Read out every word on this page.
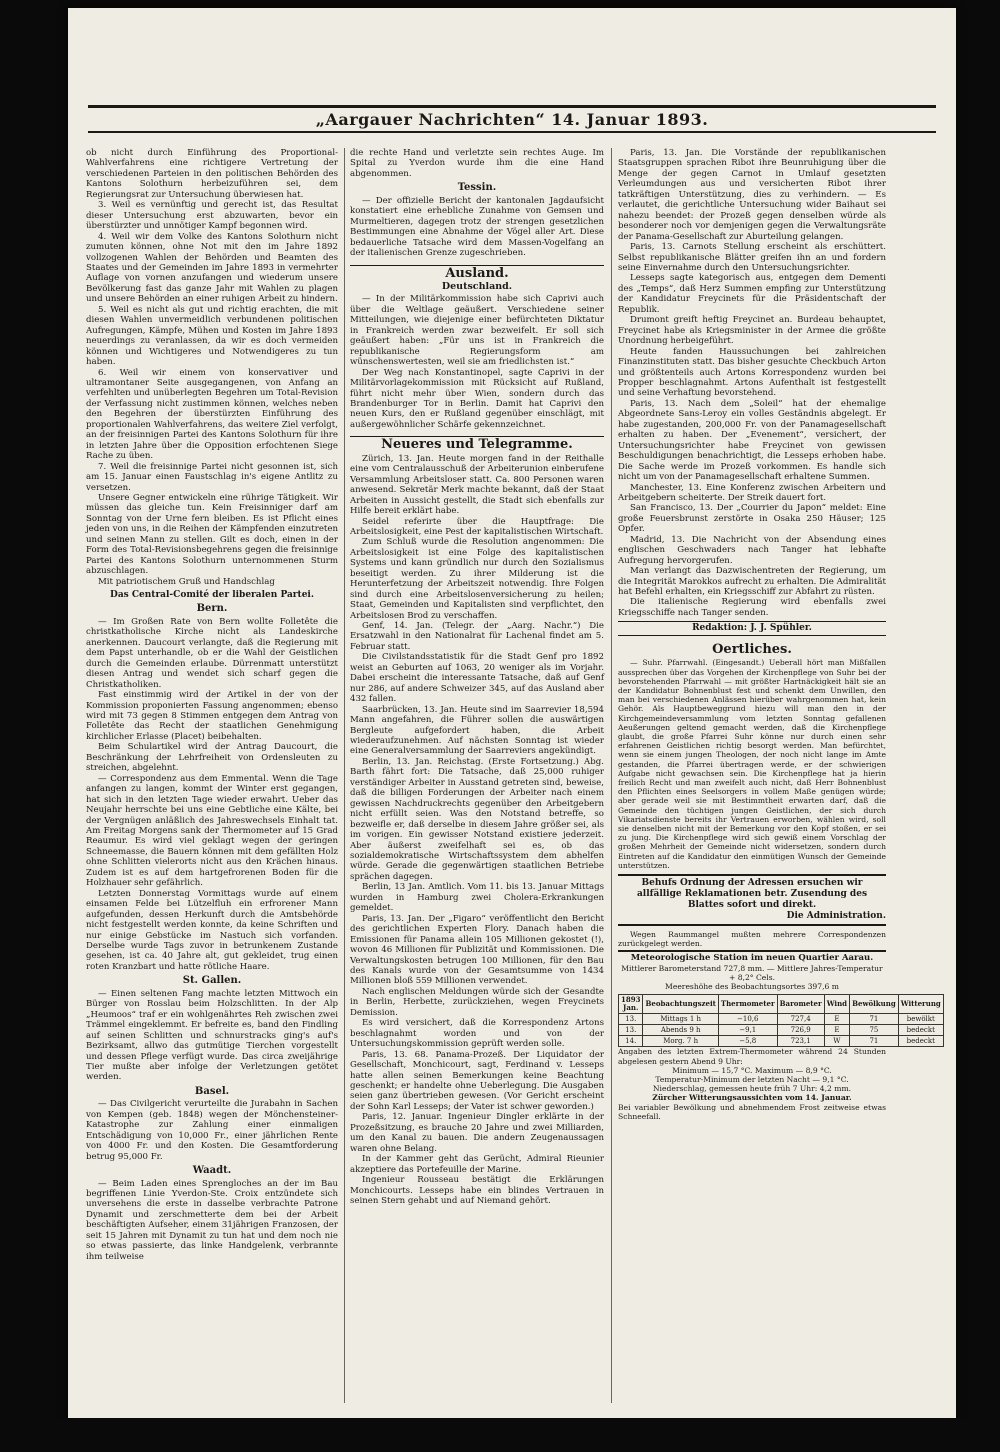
„Aargauer Nachrichten“ 14. Januar 1893.

ob nicht durch Einführung des Proportional-Wahlverfahrens eine richtigere Vertretung der verschiedenen Parteien in den politischen Behörden des Kantons Solothurn herbeizuführen sei, dem Regierungsrat zur Untersuchung überwiesen hat.

3. Weil es vernünftig und gerecht ist, das Resultat dieser Untersuchung erst abzuwarten, bevor ein überstürzter und unnötiger Kampf begonnen wird.

4. Weil wir dem Volke des Kantons Solothurn nicht zumuten können, ohne Not mit den im Jahre 1892 vollzogenen Wahlen der Behörden und Beamten des Staates und der Gemeinden im Jahre 1893 in vermehrter Auflage von vornen anzufangen und wiederum unsere Bevölkerung fast das ganze Jahr mit Wahlen zu plagen und unsere Behörden an einer ruhigen Arbeit zu hindern.

5. Weil es nicht als gut und richtig erachten, die mit diesen Wahlen unvermeidlich verbundenen politischen Aufregungen, Kämpfe, Mühen und Kosten im Jahre 1893 neuerdings zu veranlassen, da wir es doch vermeiden können und Wichtigeres und Notwendigeres zu tun haben.

6. Weil wir einem von konservativer und ultramontaner Seite ausgegangenen, von Anfang an verfehlten und unüberlegten Begehren um Total-Revision der Verfassung nicht zustimmen können, welches neben den Begehren der überstürzten Einführung des proportionalen Wahlverfahrens, das weitere Ziel verfolgt, an der freisinnigen Partei des Kantons Solothurn für ihre in letzten Jahre über die Opposition erfochtenen Siege Rache zu üben.

7. Weil die freisinnige Partei nicht gesonnen ist, sich am 15. Januar einen Faustschlag in's eigene Antlitz zu versetzen.

Unsere Gegner entwickeln eine rührige Tätigkeit. Wir müssen das gleiche tun. Kein Freisinniger darf am Sonntag von der Urne fern bleiben. Es ist Pflicht eines jeden von uns, in die Reihen der Kämpfenden einzutreten und seinen Mann zu stellen. Gilt es doch, einen in der Form des Total-Revisionsbegehrens gegen die freisinnige Partei des Kantons Solothurn unternommenen Sturm abzuschlagen.

Mit patriotischem Gruß und Handschlag

Das Central-Comité der liberalen Partei.
Bern.

— Im Großen Rate von Bern wollte Folletête die christkatholische Kirche nicht als Landeskirche anerkennen. Daucourt verlangte, daß die Regierung mit dem Papst unterhandle, ob er die Wahl der Geistlichen durch die Gemeinden erlaube. Dürrenmatt unterstützt diesen Antrag und wendet sich scharf gegen die Christkatholiken.

Fast einstimmig wird der Artikel in der von der Kommission proponierten Fassung angenommen; ebenso wird mit 73 gegen 8 Stimmen entgegen dem Antrag von Folletête das Recht der staatlichen Genehmigung kirchlicher Erlasse (Placet) beibehalten.

Beim Schulartikel wird der Antrag Daucourt, die Beschränkung der Lehrfreiheit von Ordensleuten zu streichen, abgelehnt.

— Correspondenz aus dem Emmental. Wenn die Tage anfangen zu langen, kommt der Winter erst gegangen, hat sich in den letzten Tage wieder erwahrt. Ueber das Neujahr herrschte bei uns eine Gebtliche eine Kälte, bei der Vergnügen anläßlich des Jahreswechsels Einhalt tat. Am Freitag Morgens sank der Thermometer auf 15 Grad Reaumur. Es wird viel geklagt wegen der geringen Schneemasse, die Bauern können mit dem gefällten Holz ohne Schlitten vielerorts nicht aus den Krächen hinaus. Zudem ist es auf dem hartgefrorenen Boden für die Holzhauer sehr gefährlich.

Letzten Donnerstag Vormittags wurde auf einem einsamen Felde bei Lützelfluh ein erfrorener Mann aufgefunden, dessen Herkunft durch die Amtsbehörde nicht festgestellt werden konnte, da keine Schriften und nur einige Gebstücke im Nastuch sich vorfanden. Derselbe wurde Tags zuvor in betrunkenem Zustande gesehen, ist ca. 40 Jahre alt, gut gekleidet, trug einen roten Kranzbart und hatte rötliche Haare.

St. Gallen.

— Einen seltenen Fang machte letzten Mittwoch ein Bürger von Rosslau beim Holzschlitten. In der Alp „Heumoos“ traf er ein wohlgenährtes Reh zwischen zwei Trämmel eingeklemmt. Er befreite es, band den Findling auf seinen Schlitten und schnurstracks ging's auf's Bezirksamt, allwo das gutmütige Tierchen vorgestellt und dessen Pflege verfügt wurde. Das circa zweijährige Tier mußte aber infolge der Verletzungen getötet werden.

Basel.

— Das Civilgericht verurteilte die Jurabahn in Sachen von Kempen (geb. 1848) wegen der Mönchensteiner-Katastrophe zur Zahlung einer einmaligen Entschädigung von 10,000 Fr., einer jährlichen Rente von 4000 Fr. und den Kosten. Die Gesamtforderung betrug 95,000 Fr.

Waadt.

— Beim Laden eines Sprengloches an der im Bau begriffenen Linie Yverdon-Ste. Croix entzündete sich unversehens die erste in dasselbe verbrachte Patrone Dynamit und zerschmetterte dem bei der Arbeit beschäftigten Aufseher, einem 31jährigen Franzosen, der seit 15 Jahren mit Dynamit zu tun hat und dem noch nie so etwas passierte, das linke Handgelenk, verbrannte ihm teilweise

die rechte Hand und verletzte sein rechtes Auge. Im Spital zu Yverdon wurde ihm die eine Hand abgenommen.

Tessin.

— Der offizielle Bericht der kantonalen Jagdaufsicht konstatiert eine erhebliche Zunahme von Gemsen und Murmeltieren, dagegen trotz der strengen gesetzlichen Bestimmungen eine Abnahme der Vögel aller Art. Diese bedauerliche Tatsache wird dem Massen-Vogelfang an der italienischen Grenze zugeschrieben.

Ausland.
Deutschland.

— In der Militärkommission habe sich Caprivi auch über die Weltlage geäußert. Verschiedene seiner Mitteilungen, wie diejenige einer befürchteten Diktatur in Frankreich werden zwar bezweifelt. Er soll sich geäußert haben: „Für uns ist in Frankreich die republikanische Regierungsform am wünschenswertesten, weil sie am friedlichsten ist.“

Der Weg nach Konstantinopel, sagte Caprivi in der Militärvorlagekommission mit Rücksicht auf Rußland, führt nicht mehr über Wien, sondern durch das Brandenburger Tor in Berlin. Damit hat Caprivi den neuen Kurs, den er Rußland gegenüber einschlägt, mit außergewöhnlicher Schärfe gekennzeichnet.

Neueres und Telegramme.

Zürich, 13. Jan. Heute morgen fand in der Reithalle eine vom Centralausschuß der Arbeiterunion einberufene Versammlung Arbeitsloser statt. Ca. 800 Personen waren anwesend. Sekretär Merk machte bekannt, daß der Staat Arbeiten in Aussicht gestellt, die Stadt sich ebenfalls zur Hilfe bereit erklärt habe.

Seidel referirte über die Hauptfrage: Die Arbeitslosigkeit, eine Pest der kapitalistischen Wirtschaft.

Zum Schluß wurde die Resolution angenommen: Die Arbeitslosigkeit ist eine Folge des kapitalistischen Systems und kann gründlich nur durch den Sozialismus beseitigt werden. Zu ihrer Milderung ist die Herunterfetzung der Arbeitszeit notwendig. Ihre Folgen sind durch eine Arbeitslosenversicherung zu heilen; Staat, Gemeinden und Kapitalisten sind verpflichtet, den Arbeitslosen Brod zu verschaffen.

Genf, 14. Jan. (Telegr. der „Aarg. Nachr.“) Die Ersatzwahl in den Nationalrat für Lachenal findet am 5. Februar statt.

Die Civilstandsstatistik für die Stadt Genf pro 1892 weist an Geburten auf 1063, 20 weniger als im Vorjahr. Dabei erscheint die interessante Tatsache, daß auf Genf nur 286, auf andere Schweizer 345, auf das Ausland aber 432 fallen.

Saarbrücken, 13. Jan. Heute sind im Saarrevier 18,594 Mann angefahren, die Führer sollen die auswärtigen Bergleute aufgefordert haben, die Arbeit wiederaufzunehmen. Auf nächsten Sonntag ist wieder eine Generalversammlung der Saarreviers angekündigt.

Berlin, 13. Jan. Reichstag. (Erste Fortsetzung.) Abg. Barth fährt fort: Die Tatsache, daß 25,000 ruhiger verständiger Arbeiter in Ausstand getreten sind, beweise, daß die billigen Forderungen der Arbeiter nach einem gewissen Nachdruckrechts gegenüber den Arbeitgebern nicht erfüllt seien. Was den Notstand betreffe, so bezweifle er, daß derselbe in diesem Jahre größer sei, als im vorigen. Ein gewisser Notstand existiere jederzeit. Aber äußerst zweifelhaft sei es, ob das sozialdemokratische Wirtschaftssystem dem abhelfen würde. Gerade die gegenwärtigen staatlichen Betriebe sprächen dagegen.

Berlin, 13 Jan. Amtlich. Vom 11. bis 13. Januar Mittags wurden in Hamburg zwei Cholera-Erkrankungen gemeldet.

Paris, 13. Jan. Der „Figaro“ veröffentlicht den Bericht des gerichtlichen Experten Flory. Danach haben die Emissionen für Panama allein 105 Millionen gekostet (!), wovon 46 Millionen für Publizität und Kommissionen. Die Verwaltungskosten betrugen 100 Millionen, für den Bau des Kanals wurde von der Gesamtsumme von 1434 Millionen bloß 559 Millionen verwendet.

Nach englischen Meldungen würde sich der Gesandte in Berlin, Herbette, zurückziehen, wegen Freycinets Demission.

Es wird versichert, daß die Korrespondenz Artons beschlagnahmt worden und von der Untersuchungskommission geprüft werden solle.

Paris, 13. 68. Panama-Prozeß. Der Liquidator der Gesellschaft, Monchicourt, sagt, Ferdinand v. Lesseps hatte allen seinen Bemerkungen keine Beachtung geschenkt; er handelte ohne Ueberlegung. Die Ausgaben seien ganz übertrieben gewesen. (Vor Gericht erscheint der Sohn Karl Lesseps; der Vater ist schwer geworden.)

Paris, 12. Januar. Ingenieur Dingler erklärte in der Prozeßsitzung, es brauche 20 Jahre und zwei Milliarden, um den Kanal zu bauen. Die andern Zeugenaussagen waren ohne Belang.

In der Kammer geht das Gerücht, Admiral Rieunier akzeptiere das Portefeuille der Marine.

Ingenieur Rousseau bestätigt die Erklärungen Monchicourts. Lesseps habe ein blindes Vertrauen in seinen Stern gehabt und auf Niemand gehört.

Paris, 13. Jan. Die Vorstände der republikanischen Staatsgruppen sprachen Ribot ihre Beunruhigung über die Menge der gegen Carnot in Umlauf gesetzten Verleumdungen aus und versicherten Ribot ihrer tatkräftigen Unterstützung, dies zu verhindern. — Es verlautet, die gerichtliche Untersuchung wider Baihaut sei nahezu beendet: der Prozeß gegen denselben würde als besonderer noch vor demjenigen gegen die Verwaltungsräte der Panama-Gesellschaft zur Aburteilung gelangen.

Paris, 13. Carnots Stellung erscheint als erschüttert. Selbst republikanische Blätter greifen ihn an und fordern seine Einvernahme durch den Untersuchungsrichter.

Lesseps sagte kategorisch aus, entgegen dem Dementi des „Temps“, daß Herz Summen empfing zur Unterstützung der Kandidatur Freycinets für die Präsidentschaft der Republik.

Drumont greift heftig Freycinet an. Burdeau behauptet, Freycinet habe als Kriegsminister in der Armee die größte Unordnung herbeigeführt.

Heute fanden Haussuchungen bei zahlreichen Finanzinstituten statt. Das bisher gesuchte Checkbuch Arton und größtenteils auch Artons Korrespondenz wurden bei Propper beschlagnahmt. Artons Aufenthalt ist festgestellt und seine Verhaftung bevorstehend.

Paris, 13. Nach dem „Soleil“ hat der ehemalige Abgeordnete Sans-Leroy ein volles Geständnis abgelegt. Er habe zugestanden, 200,000 Fr. von der Panamagesellschaft erhalten zu haben. Der „Evenement“, versichert, der Untersuchungsrichter habe Freycinet von gewissen Beschuldigungen benachrichtigt, die Lesseps erhoben habe. Die Sache werde im Prozeß vorkommen. Es handle sich nicht um von der Panamagesellschaft erhaltene Summen.

Manchester, 13. Eine Konferenz zwischen Arbeitern und Arbeitgebern scheiterte. Der Streik dauert fort.

San Francisco, 13. Der „Courrier du Japon“ meldet: Eine große Feuersbrunst zerstörte in Osaka 250 Häuser; 125 Opfer.

Madrid, 13. Die Nachricht von der Absendung eines englischen Geschwaders nach Tanger hat lebhafte Aufregung hervorgerufen.

Man verlangt das Dazwischentreten der Regierung, um die Integrität Marokkos aufrecht zu erhalten. Die Admiralität hat Befehl erhalten, ein Kriegsschiff zur Abfahrt zu rüsten.

Die italienische Regierung wird ebenfalls zwei Kriegsschiffe nach Tanger senden.

Redaktion: J. J. Spühler.
Oertliches.

— Suhr. Pfarrwahl. (Eingesandt.) Ueberall hört man Mißfallen aussprechen über das Vorgehen der Kirchenpflege von Suhr bei der bevorstehenden Pfarrwahl — mit größter Hartnäckigkeit hält sie an der Kandidatur Bohnenblust fest und schenkt dem Unwillen, den man bei verschiedenen Anlässen hierüber wahrgenommen hat, kein Gehör. Als Hauptbeweggrund hiezu will man den in der Kirchgemeindeversammlung vom letzten Sonntag gefallenen Aeußerungen geltend gemacht werden, daß die Kirchenpflege glaubt, die große Pfarrei Suhr könne nur durch einen sehr erfahrenen Geistlichen richtig besorgt werden. Man befürchtet, wenn sie einem jungen Theologen, der noch nicht lange im Amte gestanden, die Pfarrei übertragen werde, er der schwierigen Aufgabe nicht gewachsen sein. Die Kirchenpflege hat ja hierin freilich Recht und man zweifelt auch nicht, daß Herr Bohnenblust den Pflichten eines Seelsorgers in vollem Maße genügen würde; aber gerade weil sie mit Bestimmtheit erwarten darf, daß die Gemeinde den tüchtigen jungen Geistlichen, der sich durch Vikariatsdienste bereits ihr Vertrauen erworben, wählen wird, soll sie denselben nicht mit der Bemerkung vor den Kopf stoßen, er sei zu jung. Die Kirchenpflege wird sich gewiß einem Vorschlag der großen Mehrheit der Gemeinde nicht widersetzen, sondern durch Eintreten auf die Kandidatur den einmütigen Wunsch der Gemeinde unterstützen.

Behufs Ordnung der Adressen ersuchen wir allfällige Reklamationen betr. Zusendung des Blattes sofort und direkt.
Die Administration.

Wegen Raummangel mußten mehrere Correspondenzen zurückgelegt werden.

Meteorologische Station im neuen Quartier Aarau.
Mittlerer Barometerstand 727,8 mm. — Mittlere Jahres-Temperatur + 8,2° Cels.
Meereshöhe des Beobachtungsortes 397,6 m
1893 Jan.	Beobachtungszeit	Thermometer	Barometer	Wind	Bewölkung	Witterung
13.	Mittags 1 h	−10,6	727,4	E	71	bewölkt
13.	Abends 9 h	−9,1	726,9	E	75	bedeckt
14.	Morg. 7 h	−5,8	723,1	W	71	bedeckt
Angaben des letzten Extrem-Thermometer während 24 Stunden abgelesen gestern Abend 9 Uhr:
Minimum — 15,7 °C. Maximum — 8,9 °C.
Temperatur-Minimum der letzten Nacht — 9,1 °C.
Niederschlag, gemessen heute früh 7 Uhr: 4,2 mm.
Zürcher Witterungsaussichten vom 14. Januar.
Bei variabler Bewölkung und abnehmendem Frost zeitweise etwas Schneefall.
